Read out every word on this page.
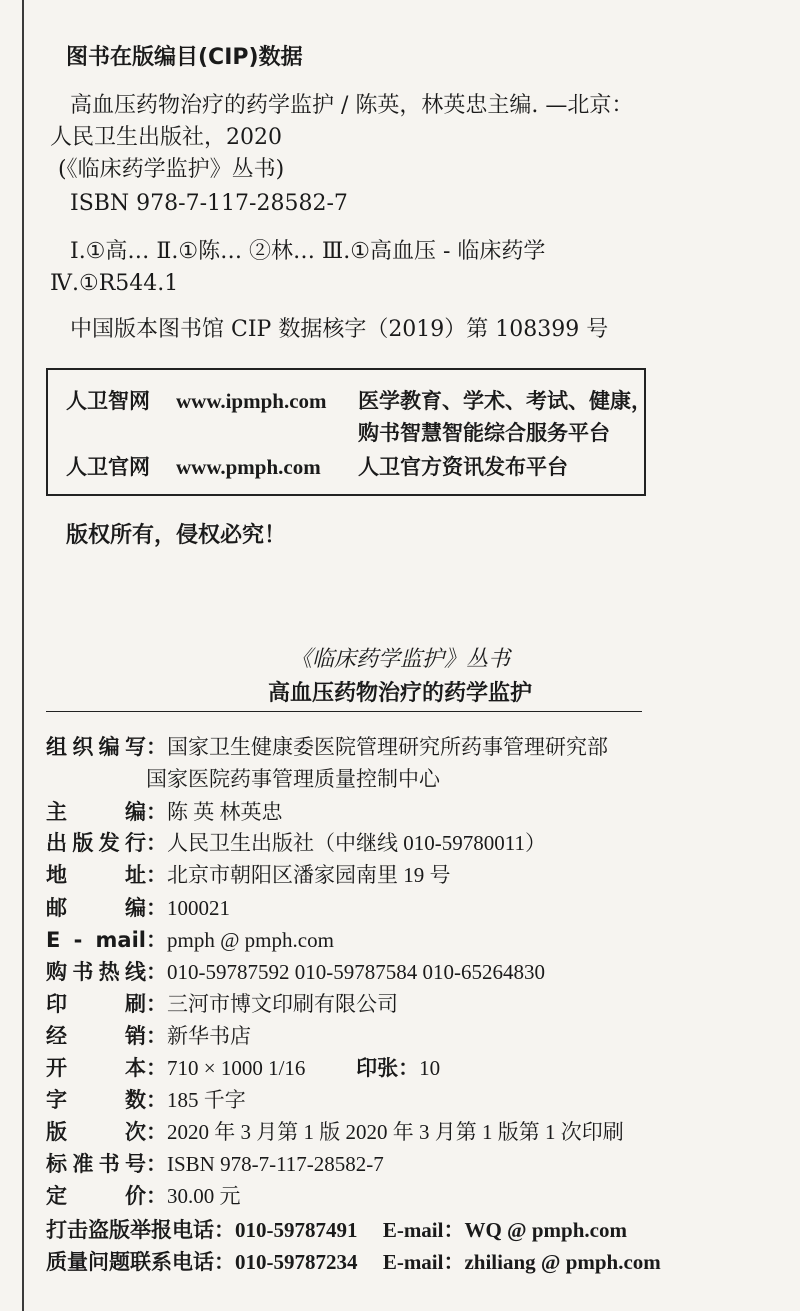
图书在版编目(CIP)数据
高血压药物治疗的药学监护 / 陈英，林英忠主编. —北京：
人民卫生出版社，2020
(《临床药学监护》丛书)
ISBN 978-7-117-28582-7
Ⅰ.①高… Ⅱ.①陈… ②林… Ⅲ.①高血压 - 临床药学
Ⅳ.①R544.1
中国版本图书馆 CIP 数据核字（2019）第 108399 号
人卫智网 www.ipmph.com 医学教育、学术、考试、健康，
购书智慧智能综合服务平台
人卫官网 www.pmph.com 人卫官方资讯发布平台
版权所有，侵权必究！
《临床药学监护》丛书
高血压药物治疗的药学监护
组织编写：国家卫生健康委医院管理研究所药事管理研究部
国家医院药事管理质量控制中心
主 编：陈 英 林英忠
出版发行：人民卫生出版社（中继线 010-59780011）
地 址：北京市朝阳区潘家园南里 19 号
邮 编：100021
E - mail：pmph @ pmph.com
购书热线：010-59787592 010-59787584 010-65264830
印 刷：三河市博文印刷有限公司
经 销：新华书店
开 本：710 × 1000 1/16 印张：10
字 数：185 千字
版 次：2020 年 3 月第 1 版 2020 年 3 月第 1 版第 1 次印刷
标准书号：ISBN 978-7-117-28582-7
定 价：30.00 元
打击盗版举报电话：010-59787491 E-mail：WQ @ pmph.com
质量问题联系电话：010-59787234 E-mail：zhiliang @ pmph.com
